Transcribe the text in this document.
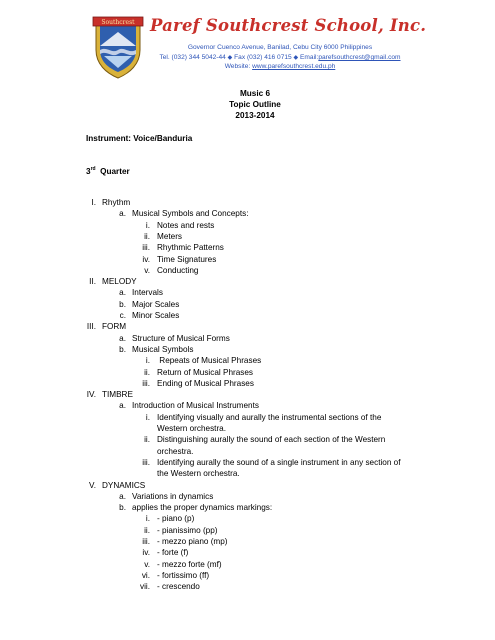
Southcrest Paref Southcrest School, Inc.
Governor Cuenco Avenue, Banilad, Cebu City 6000 Philippines
Tel. (032) 344 5042-44 ◆ Fax (032) 416 0715 ◆ Email:parefsouthcrest@gmail.com
Website: www.parefsouthcrest.edu.ph
Music 6
Topic Outline
2013-2014
Instrument: Voice/Banduria
3rd Quarter
I. Rhythm
a. Musical Symbols and Concepts:
i. Notes and rests
ii. Meters
iii. Rhythmic Patterns
iv. Time Signatures
v. Conducting
II. MELODY
a. Intervals
b. Major Scales
c. Minor Scales
III. FORM
a. Structure of Musical Forms
b. Musical Symbols
i. Repeats of Musical Phrases
ii. Return of Musical Phrases
iii. Ending of Musical Phrases
IV. TIMBRE
a. Introduction of Musical Instruments
i. Identifying visually and aurally the instrumental sections of the
Western orchestra.
ii. Distinguishing aurally the sound of each section of the Western
orchestra.
iii. Identifying aurally the sound of a single instrument in any section of
the Western orchestra.
V. DYNAMICS
a. Variations in dynamics
b. applies the proper dynamics markings:
i. - piano (p)
ii. - pianissimo (pp)
iii. - mezzo piano (mp)
iv. - forte (f)
v. - mezzo forte (mf)
vi. - fortissimo (ff)
vii. - crescendo
